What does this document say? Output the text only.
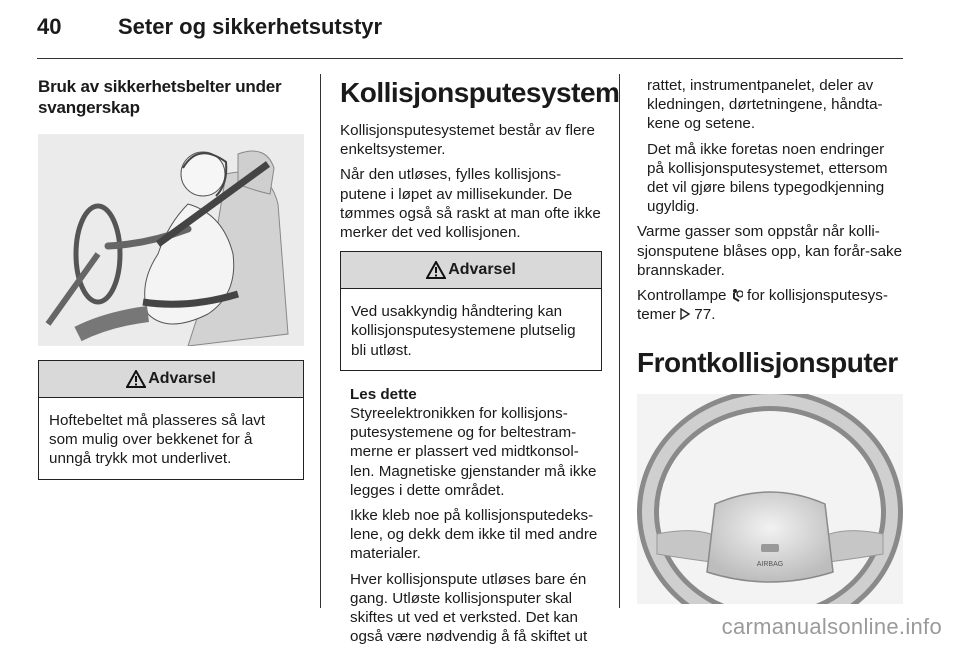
40	Seter og sikkerhetsutstyr
Bruk av sikkerhetsbelter under svangerskap
Advarsel
Hoftebeltet må plasseres så lavt som mulig over bekkenet for å unngå trykk mot underlivet.
Kollisjonsputesystem

Kollisjonsputesystemet består av flere enkeltsystemer.

Når den utløses, fylles kollisjons-putene i løpet av millisekunder. De tømmes også så raskt at man ofte ikke merker det ved kollisjonen.

Advarsel
Ved usakkyndig håndtering kan kollisjonsputesystemene plutselig bli utløst.

Les dette

Styreelektronikken for kollisjons-putesystemene og for beltestram-merne er plassert ved midtkonsol-len. Magnetiske gjenstander må ikke legges i dette området.

Ikke kleb noe på kollisjonsputedeks-lene, og dekk dem ikke til med andre materialer.

Hver kollisjonspute utløses bare én gang. Utløste kollisjonsputer skal skiftes ut ved et verksted. Det kan også være nødvendig å få skiftet ut

rattet, instrumentpanelet, deler av kledningen, dørtetningene, håndta-kene og setene.

Det må ikke foretas noen endringer på kollisjonsputesystemet, ettersom det vil gjøre bilens typegodkjenning ugyldig.

Varme gasser som oppstår når kolli-sjonsputene blåses opp, kan forår-sake brannskader.

Kontrollampe for kollisjonsputesys-temer 77.

Frontkollisjonsputer
AIRBAG
carmanualsonline.info
